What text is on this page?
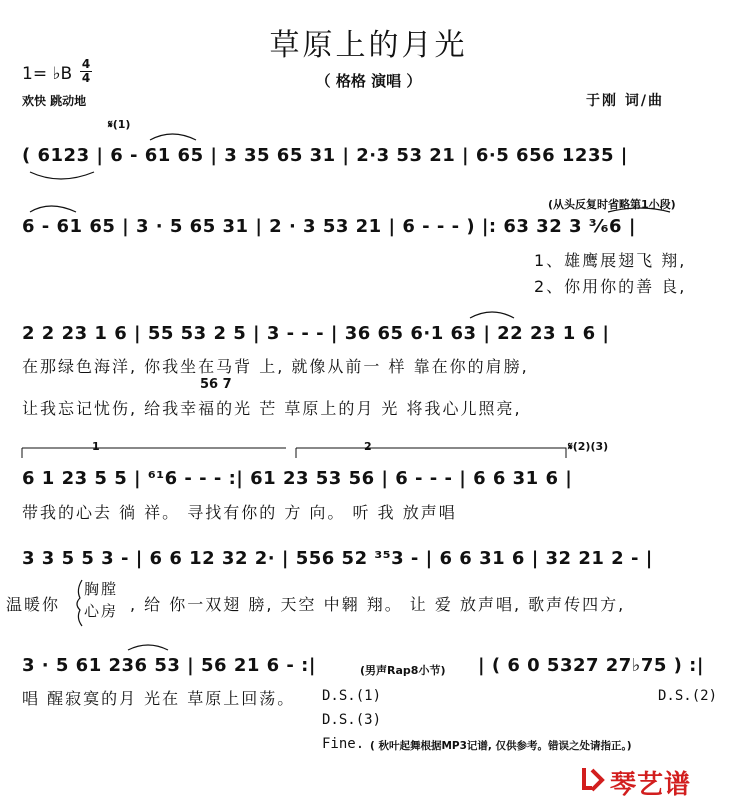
草原上的月光
（ 格格 演唱 ）
1= ♭B $\frac{4}{4}$
欢快 跳动地	于刚 词/曲
𝄋(1)
( 6123 | 6 - 61 65 | 3 35 65 31 | 2·3 53 21 | 6·5 656 1235 |
(从头反复时省略第1小段)
6 - 61 65 | 3 · 5 65 31 | 2 · 3 53 21 | 6 - - - ) |: 63 32 3 ³⁄₆6 |
1、雄鹰展翅飞 翔,
2、你用你的善 良,
2 2 23 1 6 | 55 53 2 5 | 3 - - - | 36 65 6·1 63 | 22 23 1 6 |
在那绿色海洋, 你我坐在马背 上, 就像从前一 样 靠在你的肩膀,
56 7
让我忘记忧伤, 给我幸福的光 芒 草原上的月 光 将我心儿照亮,
1	2	𝄋(2)(3)
6 1 23 5 5 | ⁶¹6 - - - :| 61 23 53 56 | 6 - - - | 6 6 31 6 |
带我的心去 徜 祥。 寻找有你的 方 向。 听 我 放声唱
3 3 5 5 3 - | 6 6 12 32 2· | 556 52 ³⁵3 - | 6 6 31 6 | 32 21 2 - |
温暖你
胸膛
心房 , 给 你一双翅 膀, 天空 中翱 翔。 让 爱 放声唱, 歌声传四方,
3 · 5 61 236 53 | 56 21 6 - :|	(男声Rap8小节) | ( 6 0 5327 27♭75 ) :|
唱 醒寂寞的月 光在 草原上回荡。 D.S.(1)	D.S.(2)
D.S.(3)
Fine. ( 秋叶起舞根据MP3记谱, 仅供参考。错误之处请指正。)
琴艺谱
